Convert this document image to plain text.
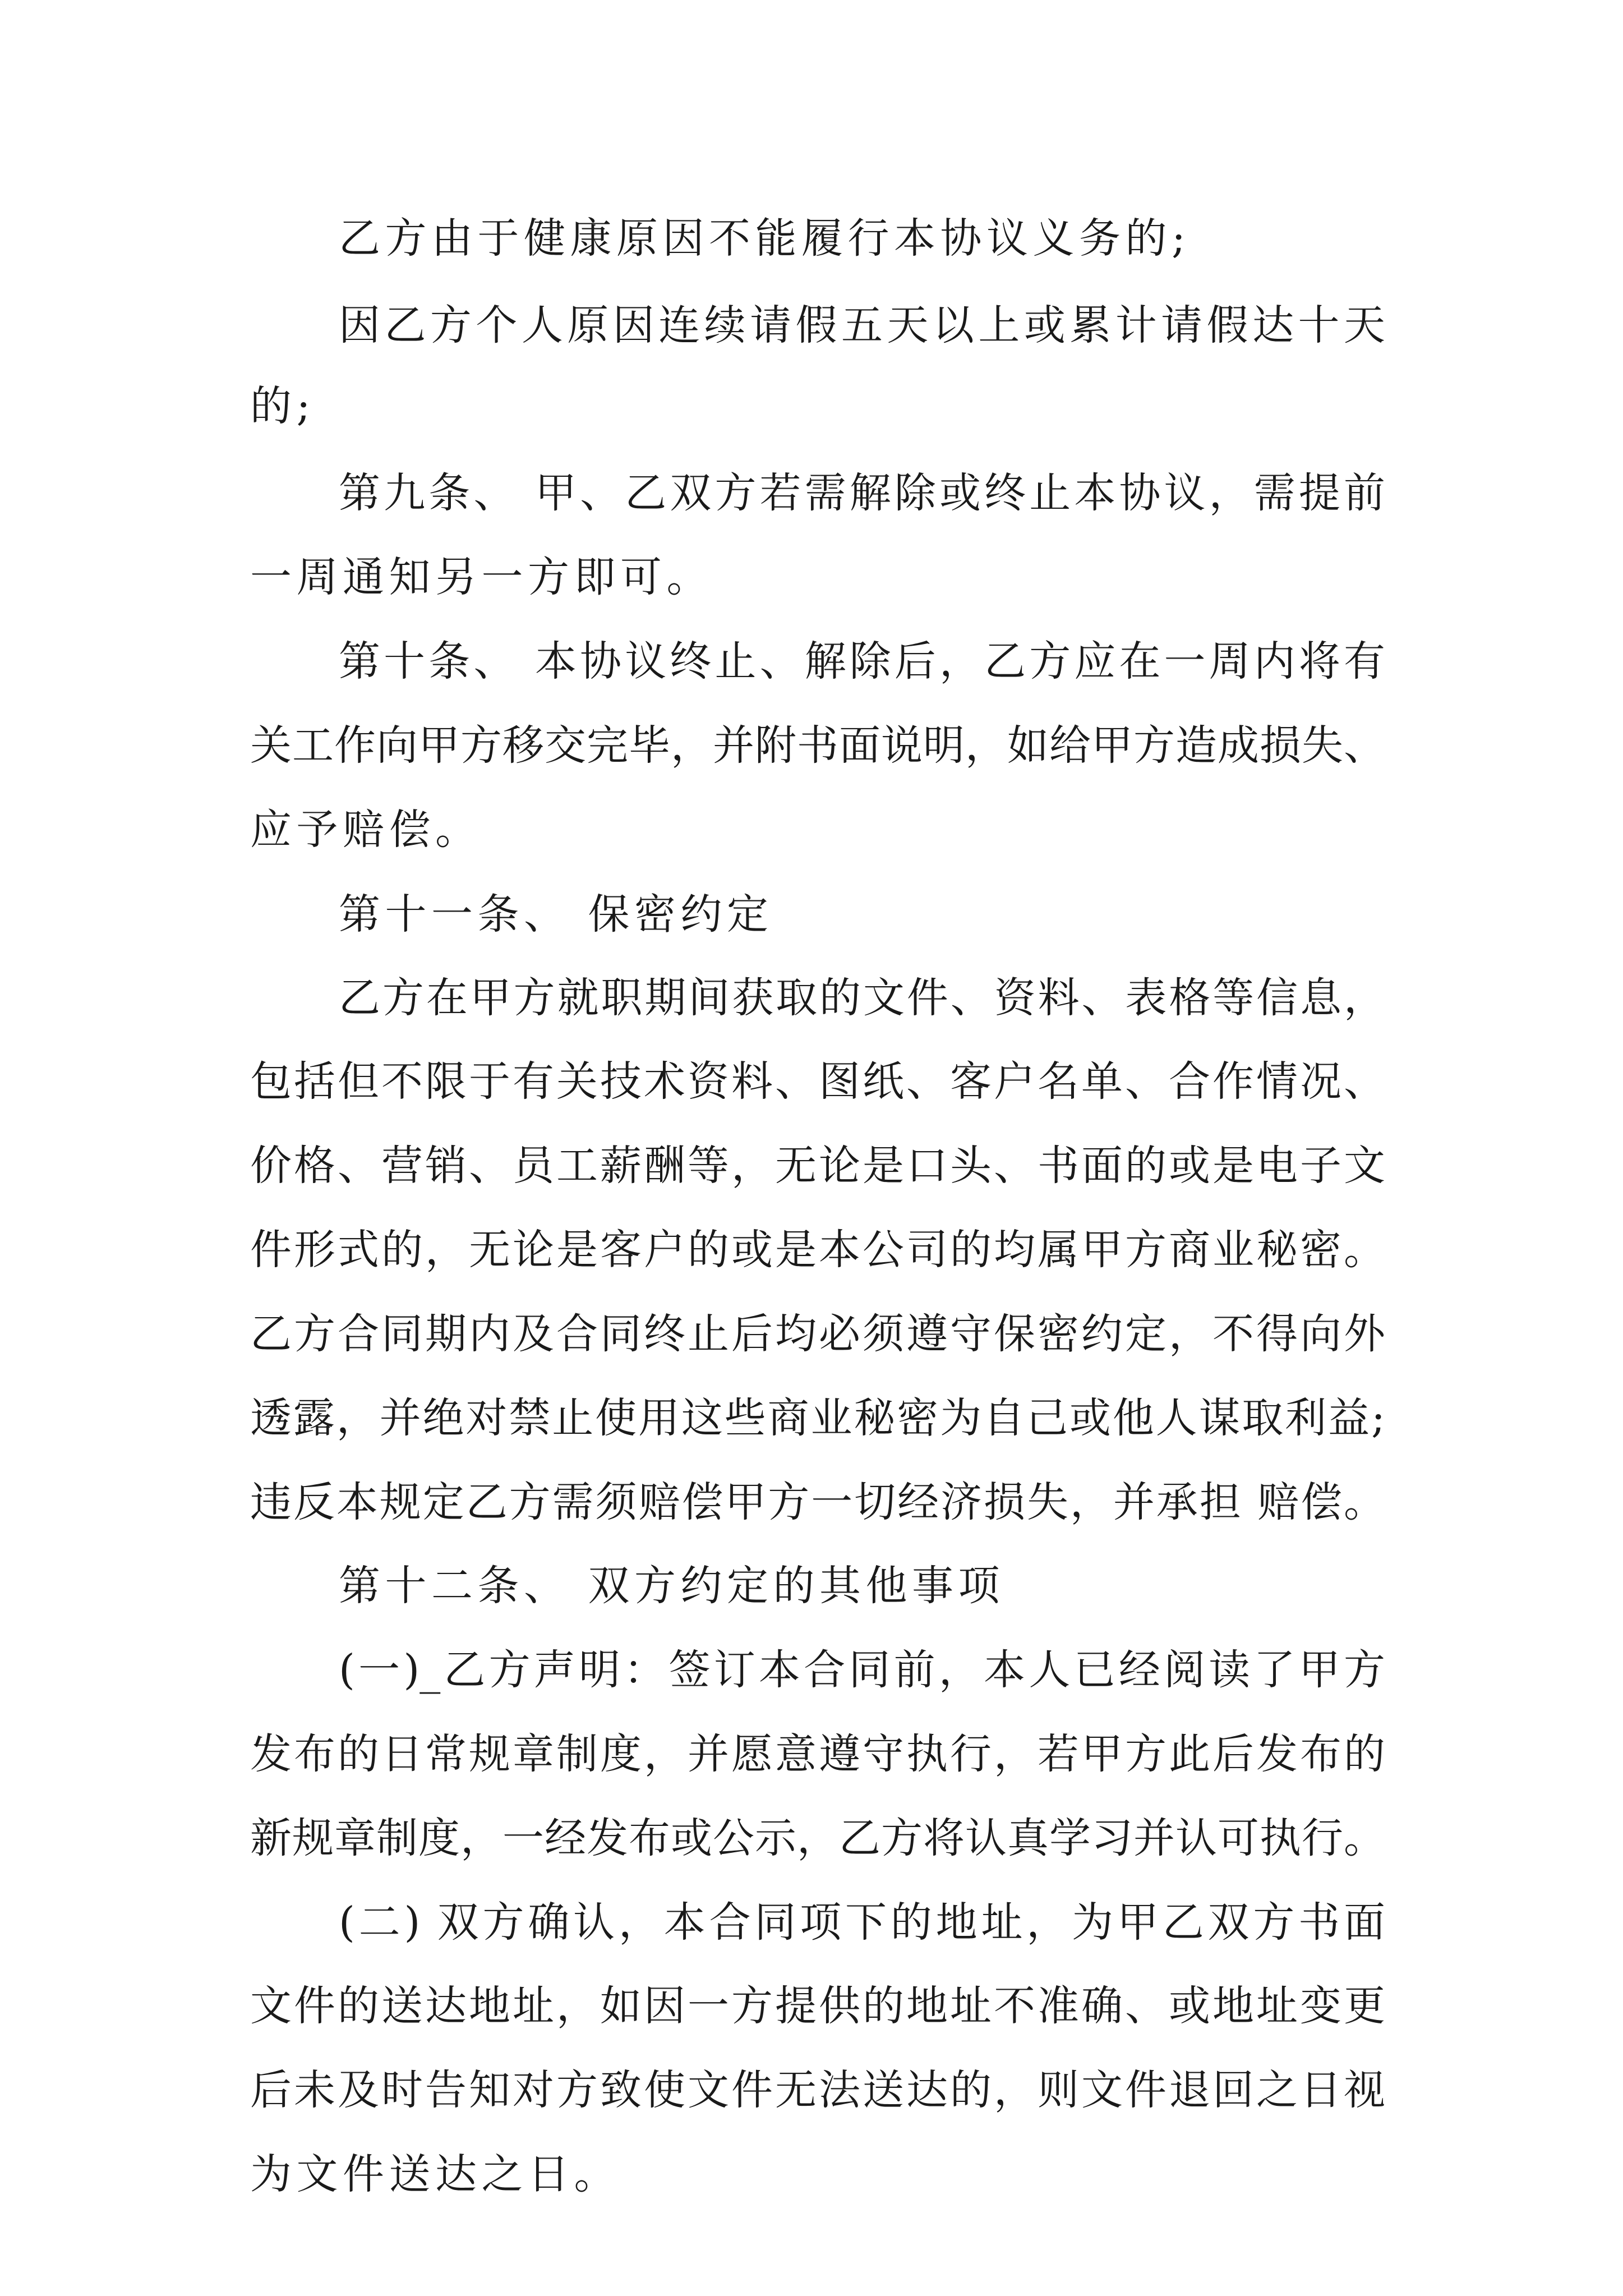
乙方由于健康原因不能履行本协议义务的;

因乙方个人原因连续请假五天以上或累计请假达十天

的;

第九条、 甲、乙双方若需解除或终止本协议，需提前

一周通知另一方即可。

第十条、 本协议终止、解除后，乙方应在一周内将有

关工作向甲方移交完毕，并附书面说明，如给甲方造成损失、

应予赔偿。

第十一条、 保密约定

乙方在甲方就职期间获取的文件、资料、表格等信息，

包括但不限于有关技术资料、图纸、客户名单、合作情况、

价格、营销、员工薪酬等，无论是口头、书面的或是电子文

件形式的，无论是客户的或是本公司的均属甲方商业秘密。

乙方合同期内及合同终止后均必须遵守保密约定，不得向外

透露，并绝对禁止使用这些商业秘密为自己或他人谋取利益;

违反本规定乙方需须赔偿甲方一切经济损失，并承担 赔偿。

第十二条、 双方约定的其他事项

(一)_乙方声明：签订本合同前，本人已经阅读了甲方

发布的日常规章制度，并愿意遵守执行，若甲方此后发布的

新规章制度，一经发布或公示，乙方将认真学习并认可执行。

(二) 双方确认，本合同项下的地址，为甲乙双方书面

文件的送达地址，如因一方提供的地址不准确、或地址变更

后未及时告知对方致使文件无法送达的，则文件退回之日视

为文件送达之日。
